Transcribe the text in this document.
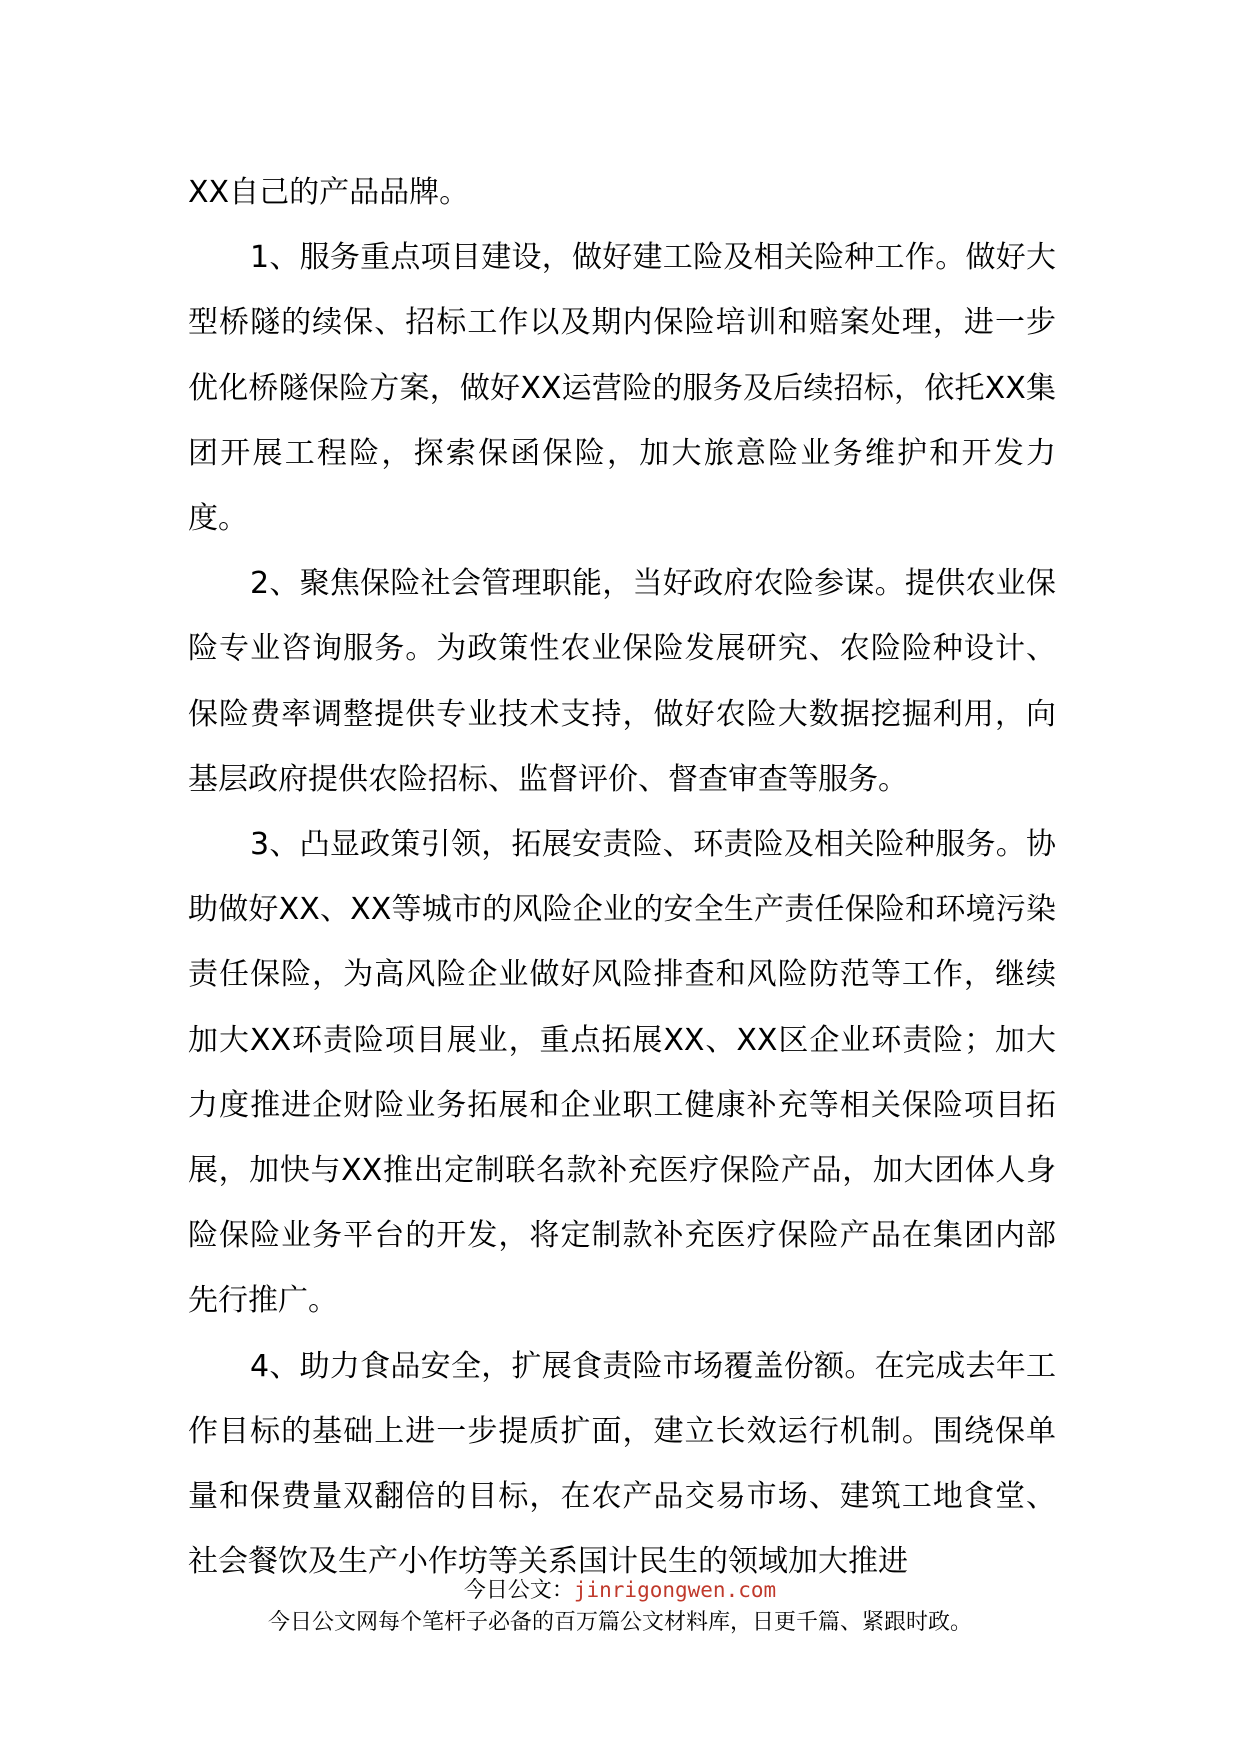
XX自己的产品品牌。

1、服务重点项目建设，做好建工险及相关险种工作。做好大型桥隧的续保、招标工作以及期内保险培训和赔案处理，进一步优化桥隧保险方案，做好XX运营险的服务及后续招标，依托XX集团开展工程险，探索保函保险，加大旅意险业务维护和开发力度。

2、聚焦保险社会管理职能，当好政府农险参谋。提供农业保险专业咨询服务。为政策性农业保险发展研究、农险险种设计、保险费率调整提供专业技术支持，做好农险大数据挖掘利用，向基层政府提供农险招标、监督评价、督查审查等服务。

3、凸显政策引领，拓展安责险、环责险及相关险种服务。协助做好XX、XX等城市的风险企业的安全生产责任保险和环境污染责任保险，为高风险企业做好风险排查和风险防范等工作，继续加大XX环责险项目展业，重点拓展XX、XX区企业环责险；加大力度推进企财险业务拓展和企业职工健康补充等相关保险项目拓展，加快与XX推出定制联名款补充医疗保险产品，加大团体人身险保险业务平台的开发，将定制款补充医疗保险产品在集团内部先行推广。

4、助力食品安全，扩展食责险市场覆盖份额。在完成去年工作目标的基础上进一步提质扩面，建立长效运行机制。围绕保单量和保费量双翻倍的目标，在农产品交易市场、建筑工地食堂、社会餐饮及生产小作坊等关系国计民生的领域加大推进

今日公文：jinrigongwen.com
今日公文网每个笔杆子必备的百万篇公文材料库，日更千篇、紧跟时政。
